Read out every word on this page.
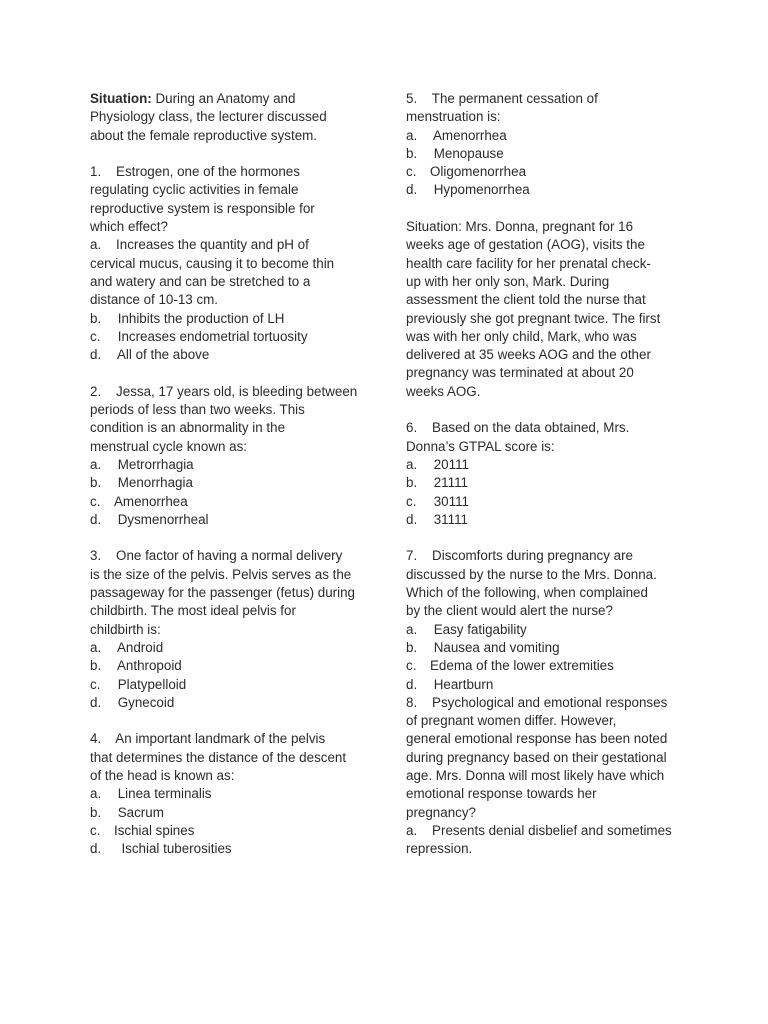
Situation: During an Anatomy and
Physiology class, the lecturer discussed
about the female reproductive system.
1.    Estrogen, one of the hormones
regulating cyclic activities in female
reproductive system is responsible for
which effect?
a.    Increases the quantity and pH of
cervical mucus, causing it to become thin
and watery and can be stretched to a
distance of 10-13 cm.
b. Inhibits the production of LH
c. Increases endometrial tortuosity
d. All of the above
2.    Jessa, 17 years old, is bleeding between
periods of less than two weeks. This
condition is an abnormality in the
menstrual cycle known as:
a. Metrorrhagia
b. Menorrhagia
c. Amenorrhea
d. Dysmenorrheal
3.    One factor of having a normal delivery
is the size of the pelvis. Pelvis serves as the
passageway for the passenger (fetus) during
childbirth. The most ideal pelvis for
childbirth is:
a. Android
b. Anthropoid
c. Platypelloid
d. Gynecoid
4.    An important landmark of the pelvis
that determines the distance of the descent
of the head is known as:
a. Linea terminalis
b. Sacrum
c. Ischial spines
d.  Ischial tuberosities
5.    The permanent cessation of
menstruation is:
a. Amenorrhea
b. Menopause
c. Oligomenorrhea
d. Hypomenorrhea
Situation: Mrs. Donna, pregnant for 16
weeks age of gestation (AOG), visits the
health care facility for her prenatal check-
up with her only son, Mark. During
assessment the client told the nurse that
previously she got pregnant twice. The first
was with her only child, Mark, who was
delivered at 35 weeks AOG and the other
pregnancy was terminated at about 20
weeks AOG.
6.    Based on the data obtained, Mrs.
Donna’s GTPAL score is:
a. 20111
b. 21111
c. 30111
d. 31111
7.    Discomforts during pregnancy are
discussed by the nurse to the Mrs. Donna.
Which of the following, when complained
by the client would alert the nurse?
a. Easy fatigability
b. Nausea and vomiting
c. Edema of the lower extremities
d. Heartburn
8.    Psychological and emotional responses
of pregnant women differ. However,
general emotional response has been noted
during pregnancy based on their gestational
age. Mrs. Donna will most likely have which
emotional response towards her
pregnancy?
a.    Presents denial disbelief and sometimes
repression.
